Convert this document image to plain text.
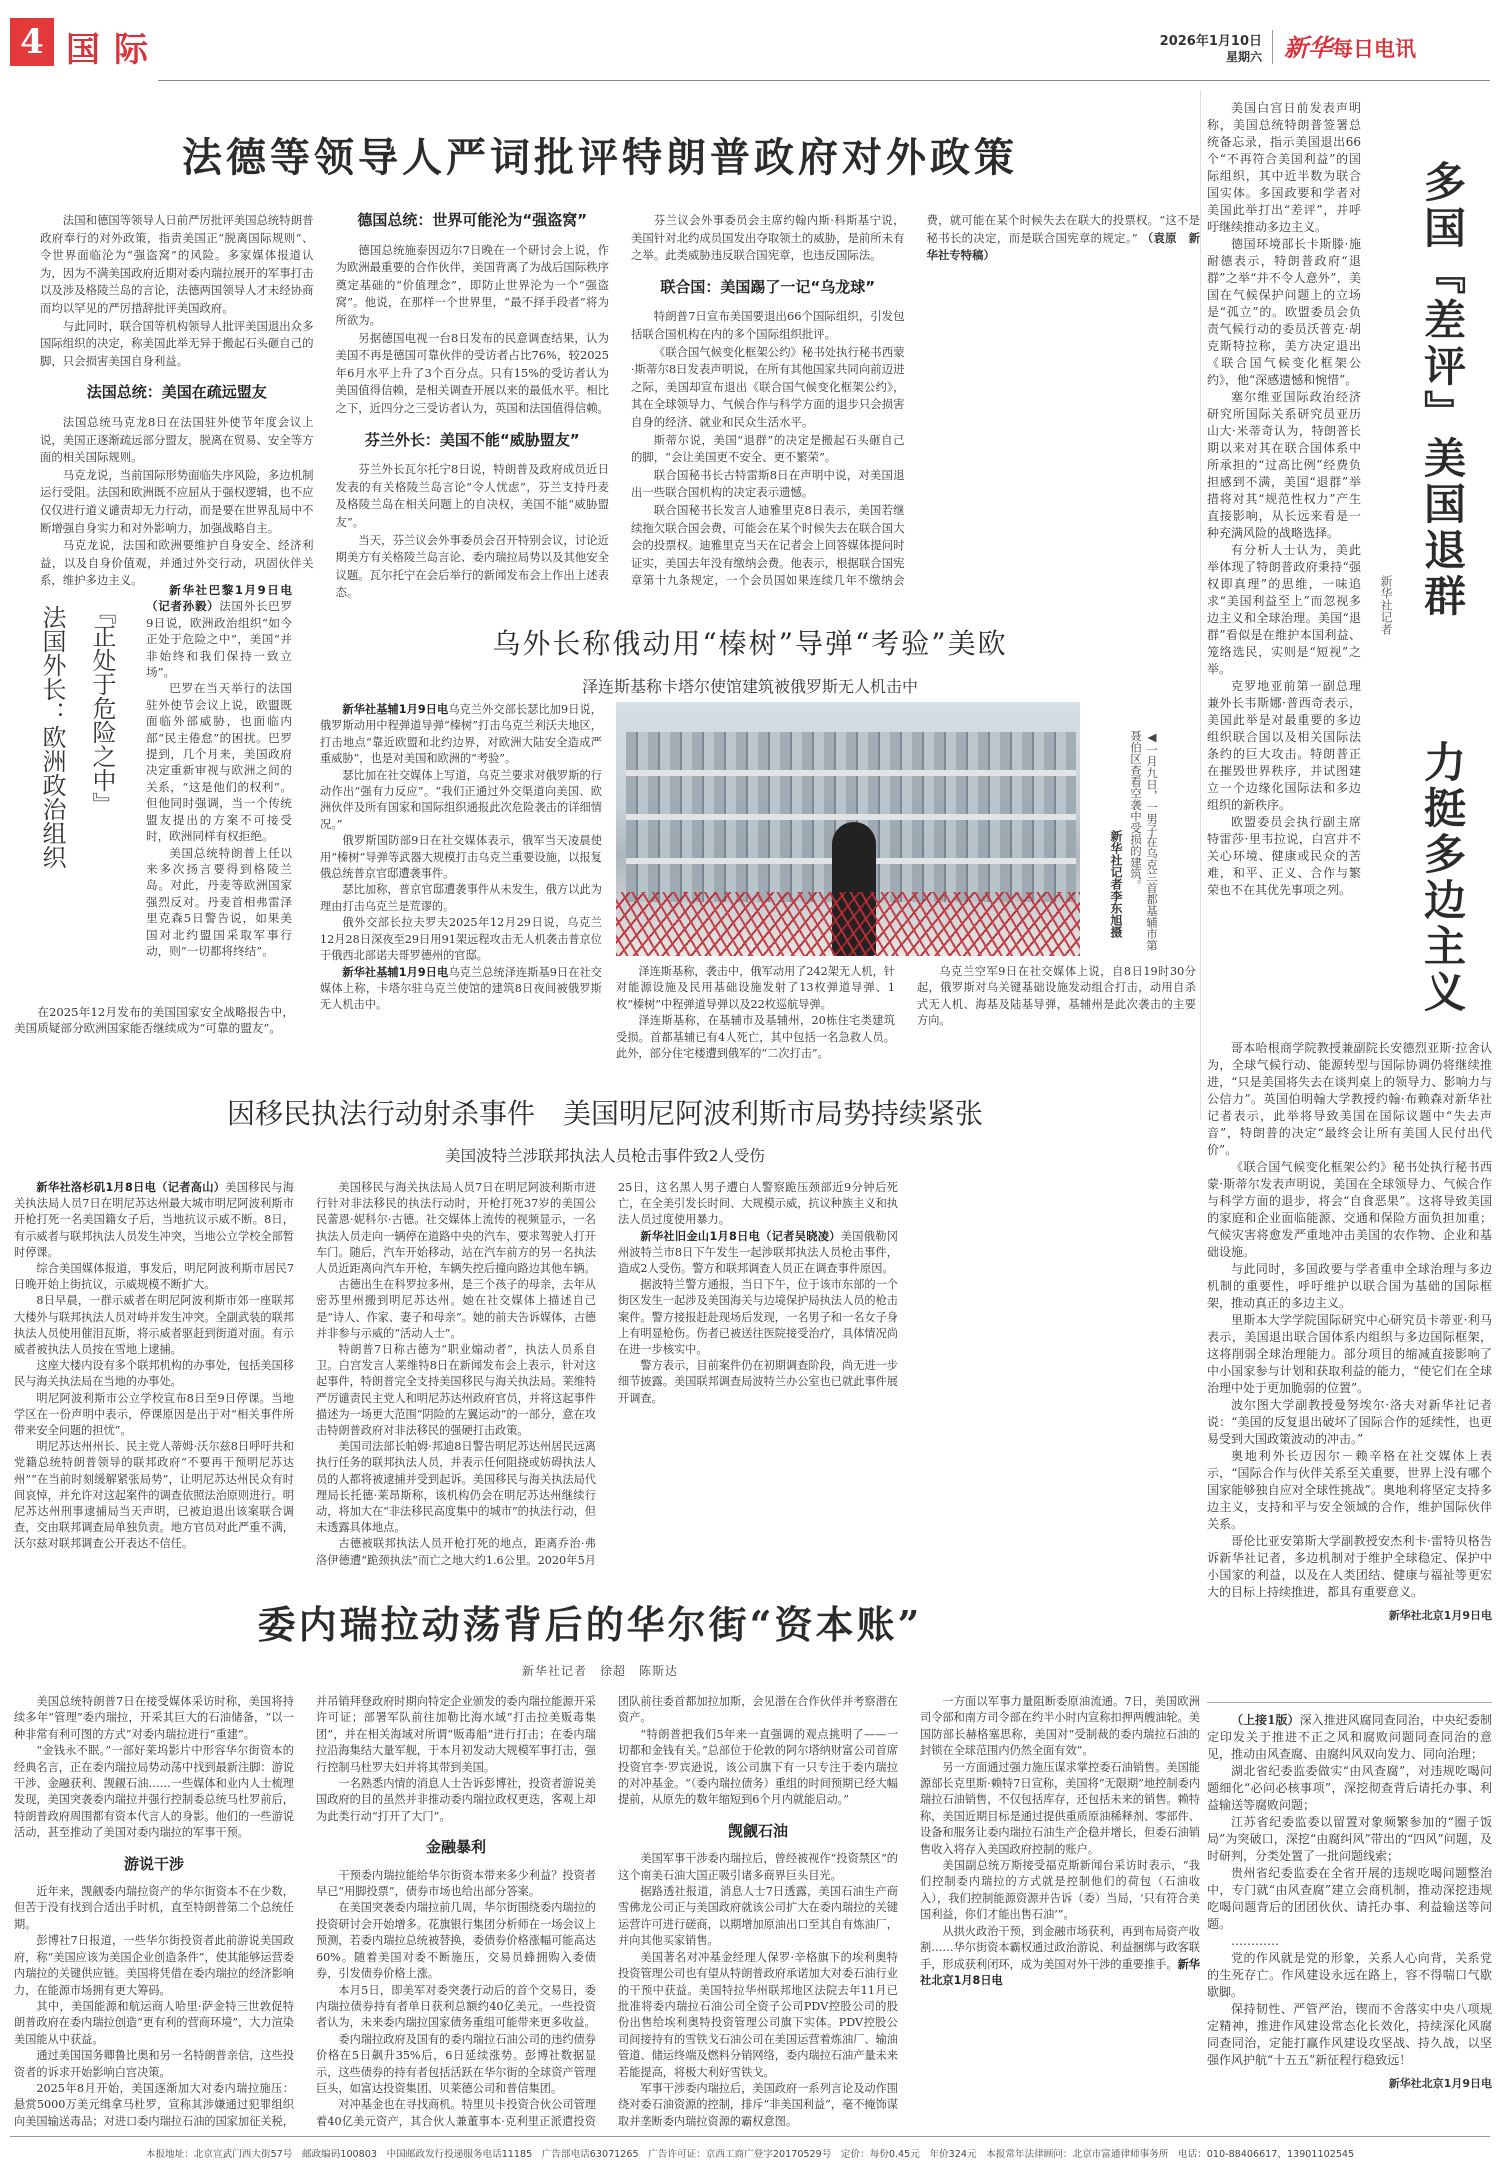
4 国际	2026年1月10日
星期六 新华每日电讯
法德等领导人严词批评特朗普政府对外政策

法国和德国等领导人日前严厉批评美国总统特朗普政府奉行的对外政策，指责美国正“脱离国际规则”、令世界面临沦为“强盗窝”的风险。多家媒体报道认为，因为不满美国政府近期对委内瑞拉展开的军事打击以及涉及格陵兰岛的言论，法德两国领导人才未经协商而均以罕见的严厉措辞批评美国政府。

与此同时，联合国等机构领导人批评美国退出众多国际组织的决定，称美国此举无异于搬起石头砸自己的脚，只会损害美国自身利益。

法国总统：美国在疏远盟友

法国总统马克龙8日在法国驻外使节年度会议上说，美国正逐渐疏远部分盟友，脱离在贸易、安全等方面的相关国际规则。

马克龙说，当前国际形势面临失序风险，多边机制运行受阻。法国和欧洲既不应屈从于强权逻辑，也不应仅仅进行道义谴责却无力行动，而是要在世界乱局中不断增强自身实力和对外影响力，加强战略自主。

马克龙说，法国和欧洲要维护自身安全、经济利益，以及自身价值观，并通过外交行动，巩固伙伴关系，维护多边主义。

德国总统：世界可能沦为“强盗窝”

德国总统施泰因迈尔7日晚在一个研讨会上说，作为欧洲最重要的合作伙伴，美国背离了为战后国际秩序奠定基础的“价值理念”，即防止世界沦为一个“强盗窝”。他说，在那样一个世界里，“最不择手段者”将为所欲为。

另据德国电视一台8日发布的民意调查结果，认为美国不再是德国可靠伙伴的受访者占比76%，较2025年6月水平上升了3个百分点。只有15%的受访者认为美国值得信赖，是相关调查开展以来的最低水平。相比之下，近四分之三受访者认为，英国和法国值得信赖。

芬兰外长：美国不能“威胁盟友”

芬兰外长瓦尔托宁8日说，特朗普及政府成员近日发表的有关格陵兰岛言论“令人忧虑”，芬兰支持丹麦及格陵兰岛在相关问题上的自决权，美国不能“威胁盟友”。

当天，芬兰议会外事委员会召开特别会议，讨论近期美方有关格陵兰岛言论、委内瑞拉局势以及其他安全议题。瓦尔托宁在会后举行的新闻发布会上作出上述表态。

芬兰议会外事委员会主席约翰内斯·科斯基宁说，美国针对北约成员国发出夺取领土的威胁，是前所未有之举。此类威胁违反联合国宪章，也违反国际法。

联合国：美国踢了一记“乌龙球”

特朗普7日宣布美国要退出66个国际组织，引发包括联合国机构在内的多个国际组织批评。

《联合国气候变化框架公约》秘书处执行秘书西蒙·斯蒂尔8日发表声明说，在所有其他国家共同向前迈进之际，美国却宣布退出《联合国气候变化框架公约》，其在全球领导力、气候合作与科学方面的退步只会损害自身的经济、就业和民众生活水平。

斯蒂尔说，美国“退群”的决定是搬起石头砸自己的脚，“会让美国更不安全、更不繁荣”。

联合国秘书长古特雷斯8日在声明中说，对美国退出一些联合国机构的决定表示遗憾。

联合国秘书长发言人迪雅里克8日表示，美国若继续拖欠联合国会费，可能会在某个时候失去在联合国大会的投票权。迪雅里克当天在记者会上回答媒体提问时证实，美国去年没有缴纳会费。他表示，根据联合国宪章第十九条规定，一个会员国如果连续几年不缴纳会费，就可能在某个时候失去在联大的投票权。“这不是秘书长的决定，而是联合国宪章的规定。” （袁原　新华社专特稿）

美国白宫日前发表声明称，美国总统特朗普签署总统备忘录，指示美国退出66个“不再符合美国利益”的国际组织，其中近半数为联合国实体。多国政要和学者对美国此举打出“差评”，并呼吁继续推动多边主义。

德国环境部长卡斯滕·施耐德表示，特朗普政府“退群”之举“并不令人意外”，美国在气候保护问题上的立场是“孤立”的。欧盟委员会负责气候行动的委员沃普克·胡克斯特拉称，美方决定退出《联合国气候变化框架公约》，他“深感遗憾和惋惜”。

塞尔维亚国际政治经济研究所国际关系研究员亚历山大·米蒂奇认为，特朗普长期以来对其在联合国体系中所承担的“过高比例”经费负担感到不满，美国“退群”举措将对其“规范性权力”产生直接影响，从长远来看是一种充满风险的战略选择。

有分析人士认为，美此举体现了特朗普政府秉持“强权即真理”的思维，一味追求“美国利益至上”而忽视多边主义和全球治理。美国“退群”看似是在维护本国利益、笼络选民，实则是“短视”之举。

克罗地亚前第一副总理兼外长韦斯娜·普西奇表示，美国此举是对最重要的多边组织联合国以及相关国际法条约的巨大攻击。特朗普正在摧毁世界秩序，并试图建立一个边缘化国际法和多边组织的新秩序。

欧盟委员会执行副主席特雷莎·里韦拉说，白宫并不关心环境、健康或民众的苦难，和平、正义、合作与繁荣也不在其优先事项之列。

多国『差评』美国退群
力挺多边主义
新华社记者

哥本哈根商学院教授兼副院长安德烈亚斯·拉舍认为，全球气候行动、能源转型与国际协调仍将继续推进，“只是美国将失去在谈判桌上的领导力、影响力与公信力”。英国伯明翰大学教授约翰·布赖森对新华社记者表示，此举将导致美国在国际议题中“失去声音”，特朗普的决定“最终会让所有美国人民付出代价”。

《联合国气候变化框架公约》秘书处执行秘书西蒙·斯蒂尔发表声明说，美国在全球领导力、气候合作与科学方面的退步，将会“自食恶果”。这将导致美国的家庭和企业面临能源、交通和保险方面负担加重；气候灾害将愈发严重地冲击美国的农作物、企业和基础设施。

与此同时，多国政要与学者重申全球治理与多边机制的重要性，呼吁维护以联合国为基础的国际框架，推动真正的多边主义。

里斯本大学学院国际研究中心研究员卡蒂亚·利马表示，美国退出联合国体系内组织与多边国际框架，这将削弱全球治理能力。部分项目的缩减直接影响了中小国家参与计划和获取利益的能力，“使它们在全球治理中处于更加脆弱的位置”。

波尔图大学副教授曼努埃尔·洛夫对新华社记者说：“美国的反复退出破坏了国际合作的延续性，也更易受到大国政策波动的冲击。”

奥地利外长迈因尔－赖辛格在社交媒体上表示，“国际合作与伙伴关系至关重要，世界上没有哪个国家能够独自应对全球性挑战”。奥地利将坚定支持多边主义，支持和平与安全领域的合作，维护国际伙伴关系。

哥伦比亚安第斯大学副教授安杰利卡·雷特贝格告诉新华社记者，多边机制对于维护全球稳定、保护中小国家的利益，以及在人类团结、健康与福祉等更宏大的目标上持续推进，都具有重要意义。

新华社北京1月9日电

（上接1版）深入推进风腐同查同治，中央纪委制定印发关于推进不正之风和腐败问题同查同治的意见，推动由风查腐、由腐纠风双向发力、同向治理；

湖北省纪委监委做实“由风查腐”，对违规吃喝问题细化“必问必核事项”，深挖彻查背后请托办事、利益输送等腐败问题；

江苏省纪委监委以留置对象频繁参加的“圈子饭局”为突破口，深挖“由腐纠风”带出的“四风”问题，及时研判，分类处置了一批问题线索；

贵州省纪委监委在全省开展的违规吃喝问题整治中，专门就“由风查腐”建立会商机制，推动深挖违规吃喝问题背后的团团伙伙、请托办事、利益输送等问题。

…………

党的作风就是党的形象，关系人心向背，关系党的生死存亡。作风建设永远在路上，容不得喘口气歇歇脚。

保持韧性、严管严治，锲而不舍落实中央八项规定精神，推进作风建设常态化长效化，持续深化风腐同查同治，定能打赢作风建设攻坚战、持久战，以坚强作风护航“十五五”新征程行稳致远！

新华社北京1月9日电
法国外长：欧洲政治组织 『正处于危险之中』

新华社巴黎1月9日电（记者孙毅）法国外长巴罗9日说，欧洲政治组织“如今正处于危险之中”，美国“并非始终和我们保持一致立场”。

巴罗在当天举行的法国驻外使节会议上说，欧盟既面临外部威胁，也面临内部“民主倦怠”的困扰。巴罗提到，几个月来，美国政府决定重新审视与欧洲之间的关系，“这是他们的权利”。但他同时强调，当一个传统盟友提出的方案不可接受时，欧洲同样有权拒绝。

美国总统特朗普上任以来多次扬言要得到格陵兰岛。对此，丹麦等欧洲国家强烈反对。丹麦首相弗雷泽里克森5日警告说，如果美国对北约盟国采取军事行动，则“一切都将终结”。

在2025年12月发布的美国国家安全战略报告中，美国质疑部分欧洲国家能否继续成为“可靠的盟友”。

乌外长称俄动用“榛树”导弹“考验”美欧
泽连斯基称卡塔尔使馆建筑被俄罗斯无人机击中

新华社基辅1月9日电乌克兰外交部长瑟比加9日说，俄罗斯动用中程弹道导弹“榛树”打击乌克兰利沃夫地区，打击地点“靠近欧盟和北约边界，对欧洲大陆安全造成严重威胁”，也是对美国和欧洲的“考验”。

瑟比加在社交媒体上写道，乌克兰要求对俄罗斯的行动作出“强有力反应”。“我们正通过外交渠道向美国、欧洲伙伴及所有国家和国际组织通报此次危险袭击的详细情况。”

俄罗斯国防部9日在社交媒体表示，俄军当天凌晨使用“榛树”导弹等武器大规模打击乌克兰重要设施，以报复俄总统普京官邸遭袭事件。

瑟比加称，普京官邸遭袭事件从未发生，俄方以此为理由打击乌克兰是荒谬的。

俄外交部长拉夫罗夫2025年12月29日说，乌克兰12月28日深夜至29日用91架远程攻击无人机袭击普京位于俄西北部诺夫哥罗德州的官邸。

新华社基辅1月9日电乌克兰总统泽连斯基9日在社交媒体上称，卡塔尔驻乌克兰使馆的建筑8日夜间被俄罗斯无人机击中。

◀一月九日，一男子在乌克兰首都基辅市第聂伯区查看空袭中受损的建筑。
新华社记者李东旭摄

泽连斯基称，袭击中，俄军动用了242架无人机，针对能源设施及民用基础设施发射了13枚弹道导弹、1枚“榛树”中程弹道导弹以及22枚巡航导弹。

泽连斯基称，在基辅市及基辅州，20栋住宅类建筑受损。首都基辅已有4人死亡，其中包括一名急救人员。此外，部分住宅楼遭到俄军的“二次打击”。

乌克兰空军9日在社交媒体上说，自8日19时30分起，俄罗斯对乌关键基础设施发动组合打击，动用自杀式无人机、海基及陆基导弹，基辅州是此次袭击的主要方向。

因移民执法行动射杀事件　美国明尼阿波利斯市局势持续紧张
美国波特兰涉联邦执法人员枪击事件致2人受伤

新华社洛杉矶1月8日电（记者高山）美国移民与海关执法局人员7日在明尼苏达州最大城市明尼阿波利斯市开枪打死一名美国籍女子后，当地抗议示威不断。8日，有示威者与联邦执法人员发生冲突，当地公立学校全部暂时停课。

综合美国媒体报道，事发后，明尼阿波利斯市居民7日晚开始上街抗议，示威规模不断扩大。

8日早晨，一群示威者在明尼阿波利斯市郊一座联邦大楼外与联邦执法人员对峙并发生冲突。全副武装的联邦执法人员使用催泪瓦斯，将示威者驱赶到街道对面。有示威者被执法人员按在雪地上逮捕。

这座大楼内设有多个联邦机构的办事处，包括美国移民与海关执法局在当地的办事处。

明尼阿波利斯市公立学校宣布8日至9日停课。当地学区在一份声明中表示，停课原因是出于对“相关事件所带来安全问题的担忧”。

明尼苏达州州长、民主党人蒂姆·沃尔兹8日呼吁共和党籍总统特朗普领导的联邦政府“不要再干预明尼苏达州”“在当前时刻缓解紧张局势”，让明尼苏达州民众有时间哀悼，并允许对这起案件的调查依照法治原则进行。明尼苏达州刑事逮捕局当天声明，已被迫退出该案联合调查，交由联邦调查局单独负责。地方官员对此严重不满，沃尔兹对联邦调查公开表达不信任。

美国移民与海关执法局人员7日在明尼阿波利斯市进行针对非法移民的执法行动时，开枪打死37岁的美国公民蕾恩·妮科尔·古德。社交媒体上流传的视频显示，一名执法人员走向一辆停在道路中央的汽车，要求驾驶人打开车门。随后，汽车开始移动，站在汽车前方的另一名执法人员近距离向汽车开枪，车辆失控后撞向路边其他车辆。

古德出生在科罗拉多州，是三个孩子的母亲，去年从密苏里州搬到明尼苏达州。她在社交媒体上描述自己是“诗人、作家、妻子和母亲”。她的前夫告诉媒体，古德并非参与示威的“活动人士”。

特朗普7日称古德为“职业煽动者”，执法人员系自卫。白宫发言人莱维特8日在新闻发布会上表示，针对这起事件，特朗普完全支持美国移民与海关执法局。莱维特严厉谴责民主党人和明尼苏达州政府官员，并将这起事件描述为一场更大范围“阴险的左翼运动”的一部分，意在攻击特朗普政府对非法移民的强硬打击政策。

美国司法部长帕姆·邦迪8日警告明尼苏达州居民远离执行任务的联邦执法人员，并表示任何阻挠或妨碍执法人员的人都将被逮捕并受到起诉。美国移民与海关执法局代理局长托德·莱昂斯称，该机构仍会在明尼苏达州继续行动，将加大在“非法移民高度集中的城市”的执法行动，但未透露具体地点。

古德被联邦执法人员开枪打死的地点，距离乔治·弗洛伊德遭“跪颈执法”而亡之地大约1.6公里。2020年5月25日，这名黑人男子遭白人警察跪压颈部近9分钟后死亡，在全美引发长时间、大规模示威，抗议种族主义和执法人员过度使用暴力。

新华社旧金山1月8日电（记者吴晓凌）美国俄勒冈州波特兰市8日下午发生一起涉联邦执法人员枪击事件，造成2人受伤。警方和联邦调查人员正在调查事件原因。

据波特兰警方通报，当日下午，位于该市东部的一个街区发生一起涉及美国海关与边境保护局执法人员的枪击案件。警方接报赶赴现场后发现，一名男子和一名女子身上有明显枪伤。伤者已被送往医院接受治疗，具体情况尚在进一步核实中。

警方表示，目前案件仍在初期调查阶段，尚无进一步细节披露。美国联邦调查局波特兰办公室也已就此事件展开调查。

委内瑞拉动荡背后的华尔街“资本账”
新华社记者　徐超　陈斯达

美国总统特朗普7日在接受媒体采访时称，美国将持续多年“管理”委内瑞拉，开采其巨大的石油储备，“以一种非常有利可图的方式”对委内瑞拉进行“重建”。

“金钱永不眠。”一部好莱坞影片中形容华尔街资本的经典名言，正在委内瑞拉局势动荡中找到最新注脚：游说干涉、金融获利、觊觎石油……一些媒体和业内人士梳理发现，美国突袭委内瑞拉并强行控制委总统马杜罗前后，特朗普政府周围都有资本代言人的身影。他们的一些游说活动，甚至推动了美国对委内瑞拉的军事干预。

游说干涉

近年来，觊觎委内瑞拉资产的华尔街资本不在少数，但苦于没有找到合适出手时机，直至特朗普第二个总统任期。

彭博社7日报道，一些华尔街投资者此前游说美国政府，称“美国应该为美国企业创造条件”，使其能够运营委内瑞拉的关键供应链。美国将凭借在委内瑞拉的经济影响力，在能源市场拥有更大筹码。

其中，美国能源和航运商人哈里·萨金特三世敦促特朗普政府在委内瑞拉创造“更有利的营商环境”，大力渲染美国能从中获益。

通过美国国务卿鲁比奥和另一名特朗普亲信，这些投资者的诉求开始影响白宫决策。

2025年8月开始，美国逐渐加大对委内瑞拉施压：悬赏5000万美元缉拿马杜罗，宣称其涉嫌通过犯罪组织向美国输送毒品；对进口委内瑞拉石油的国家加征关税，并吊销拜登政府时期向特定企业颁发的委内瑞拉能源开采许可证；部署军队前往加勒比海水域“打击拉美贩毒集团”，并在相关海域对所谓“贩毒船”进行打击；在委内瑞拉沿海集结大量军舰，于本月初发动大规模军事打击，强行控制马杜罗夫妇并将其带到美国。

一名熟悉内情的消息人士告诉彭博社，投资者游说美国政府的目的虽然并非推动委内瑞拉政权更迭，客观上却为此类行动“打开了大门”。

金融暴利

干预委内瑞拉能给华尔街资本带来多少利益？投资者早已“用脚投票”，债券市场也给出部分答案。

在美国突袭委内瑞拉前几周，华尔街围绕委内瑞拉的投资研讨会开始增多。花旗银行集团分析师在一场会议上预测，若委内瑞拉总统被替换，委债券价格涨幅可能高达60%。随着美国对委不断施压，交易员蜂拥购入委债券，引发债券价格上涨。

本月5日，即美军对委突袭行动后的首个交易日，委内瑞拉债券持有者单日获利总额约40亿美元。一些投资者认为，未来委内瑞拉国家债务重组可能带来更多收益。

委内瑞拉政府及国有的委内瑞拉石油公司的违约债券价格在5日飙升35%后，6日延续涨势。彭博社数据显示，这些债券的持有者包括活跃在华尔街的全球资产管理巨头，如富达投资集团、贝莱德公司和普信集团。

对冲基金也在寻找商机。特里贝卡投资合伙公司管理着40亿美元资产，其合伙人兼董事本·克利里正派遣投资团队前往委首都加拉加斯，会见潜在合作伙伴并考察潜在资产。

“特朗普把我们5年来一直强调的观点挑明了——一切都和金钱有关。”总部位于伦敦的阿尔塔纳财富公司首席投资官李·罗宾逊说，该公司旗下有一只专注于委内瑞拉的对冲基金。“（委内瑞拉债务）重组的时间预期已经大幅提前，从原先的数年缩短到6个月内就能启动。”

觊觎石油

美国军事干涉委内瑞拉后，曾经被视作“投资禁区”的这个南美石油大国正吸引诸多商界巨头目光。

据路透社报道，消息人士7日透露，美国石油生产商雪佛龙公司正与美国政府就该公司扩大在委内瑞拉的关键运营许可进行磋商，以期增加原油出口至其自有炼油厂，并向其他买家销售。

美国著名对冲基金经理人保罗·辛格旗下的埃利奥特投资管理公司也有望从特朗普政府承诺加大对委石油行业的干预中获益。美国特拉华州联邦地区法院去年11月已批准将委内瑞拉石油公司全资子公司PDV控股公司的股份出售给埃利奥特投资管理公司旗下实体。PDV控股公司间接持有的雪铁戈石油公司在美国运营着炼油厂、输油管道、储运终端及燃料分销网络，委内瑞拉石油产量未来若能提高，将极大利好雪铁戈。

军事干涉委内瑞拉后，美国政府一系列言论及动作围绕对委石油资源的控制，排斥“非美国利益”，毫不掩饰谋取并垄断委内瑞拉资源的霸权意图。

一方面以军事力量阻断委原油流通。7日，美国欧洲司令部和南方司令部在约半小时内宣称扣押两艘油轮。美国防部长赫格塞思称，美国对“受制裁的委内瑞拉石油的封锁在全球范围内仍然全面有效”。

另一方面通过强力施压谋求掌控委石油销售。美国能源部长克里斯·赖特7日宣称，美国将“无限期”地控制委内瑞拉石油销售，不仅包括库存，还包括未来的销售。赖特称，美国近期目标是通过提供重质原油稀释剂、零部件、设备和服务让委内瑞拉石油生产企稳并增长，但委石油销售收入将存入美国政府控制的账户。

美国副总统万斯接受福克斯新闻台采访时表示，“我们控制委内瑞拉的方式就是控制他们的荷包（石油收入），我们控制能源资源并告诉（委）当局，‘只有符合美国利益，你们才能出售石油’”。

从拱火政治干预，到金融市场获利，再到布局资产收割……华尔街资本霸权通过政治游说、利益捆绑与政客联手，形成获利闭环，成为美国对外干涉的重要推手。新华社北京1月8日电

本报地址：北京宣武门西大街57号　邮政编码100803　中国邮政发行投递服务电话11185　广告部电话63071265　广告许可证：京西工商广登字20170529号　定价：每份0.45元　年价324元　本报常年法律顾问：北京市富通律师事务所　电话：010-88406617、13901102545
